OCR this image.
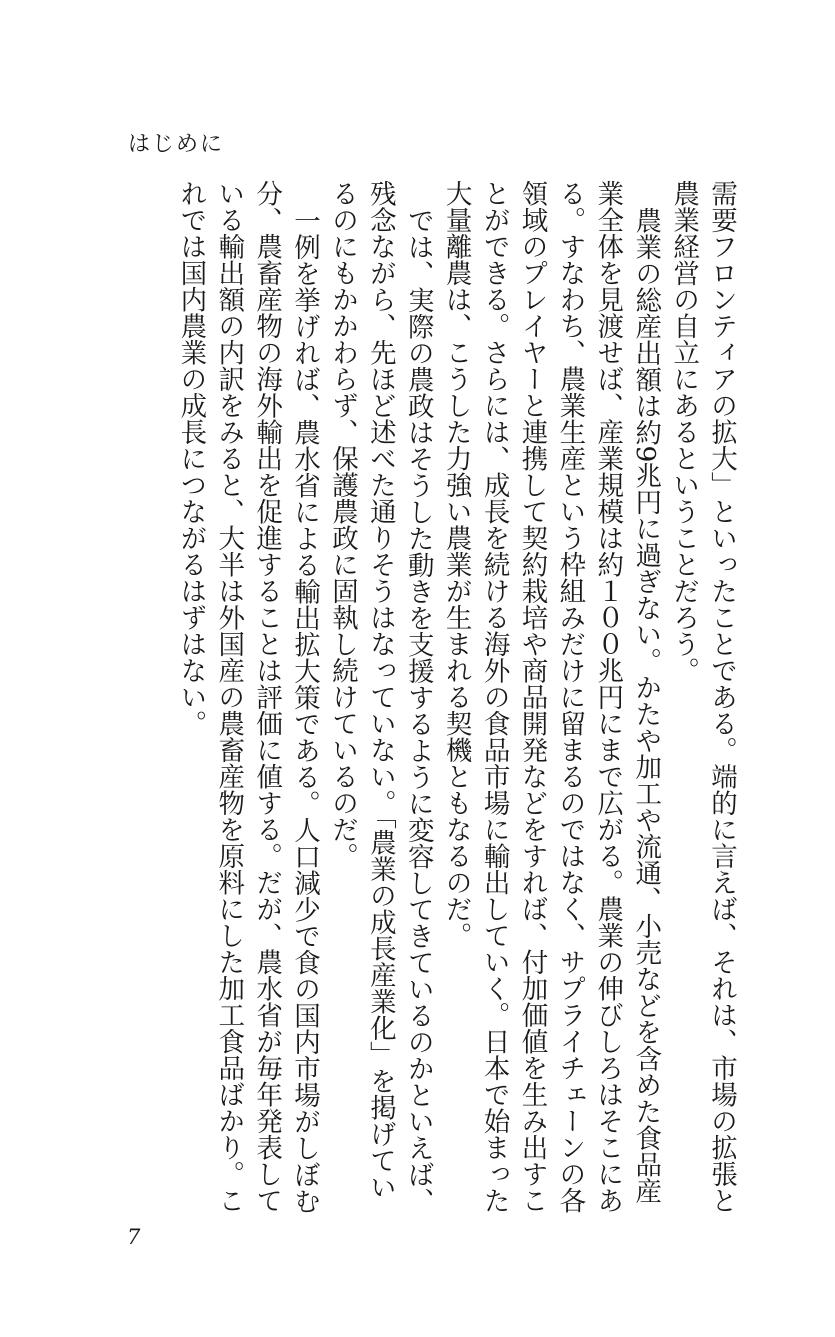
はじめに

需要フロンティアの拡大」といったことである。端的に言えば、それは、市場の拡張と農業経営の自立にあるということだろう。

農業の総産出額は約9兆円に過ぎない。かたや加工や流通、小売などを含めた食品産業全体を見渡せば、産業規模は約１００兆円にまで広がる。農業の伸びしろはそこにある。すなわち、農業生産という枠組みだけに留まるのではなく、サプライチェーンの各領域のプレイヤーと連携して契約栽培や商品開発などをすれば、付加価値を生み出すことができる。さらには、成長を続ける海外の食品市場に輸出していく。日本で始まった大量離農は、こうした力強い農業が生まれる契機ともなるのだ。

では、実際の農政はそうした動きを支援するように変容してきているのかといえば、残念ながら、先ほど述べた通りそうはなっていない。「農業の成長産業化」を掲げているのにもかかわらず、保護農政に固執し続けているのだ。

一例を挙げれば、農水省による輸出拡大策である。人口減少で食の国内市場がしぼむ分、農畜産物の海外輸出を促進することは評価に値する。だが、農水省が毎年発表している輸出額の内訳をみると、大半は外国産の農畜産物を原料にした加工食品ばかり。これでは国内農業の成長につながるはずはない。

7
